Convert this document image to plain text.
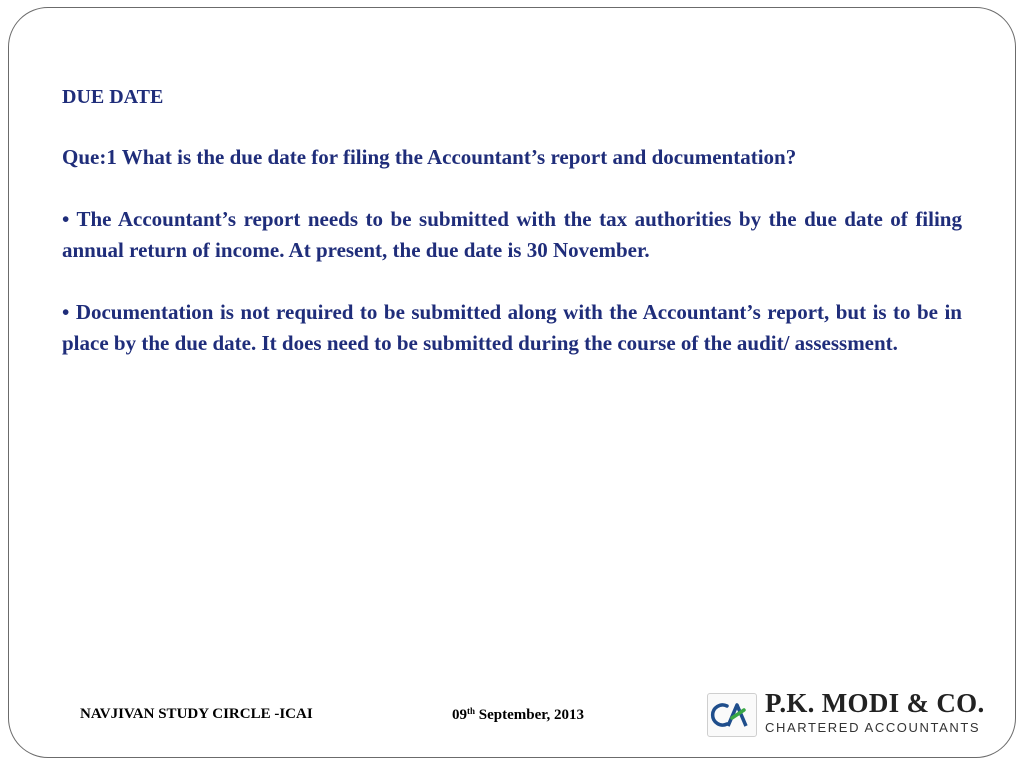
DUE DATE

Que:1 What is the due date for filing the Accountant’s report and documentation?

• The Accountant’s report needs to be submitted with the tax authorities by the due date of filing annual return of income. At present, the due date is 30 November.

• Documentation is not required to be submitted along with the Accountant’s report, but is to be in place by the due date. It does need to be submitted during the course of the audit/ assessment.

NAVJIVAN STUDY CIRCLE -ICAI	09th September, 2013	P.K. MODI & CO.
CHARTERED ACCOUNTANTS
